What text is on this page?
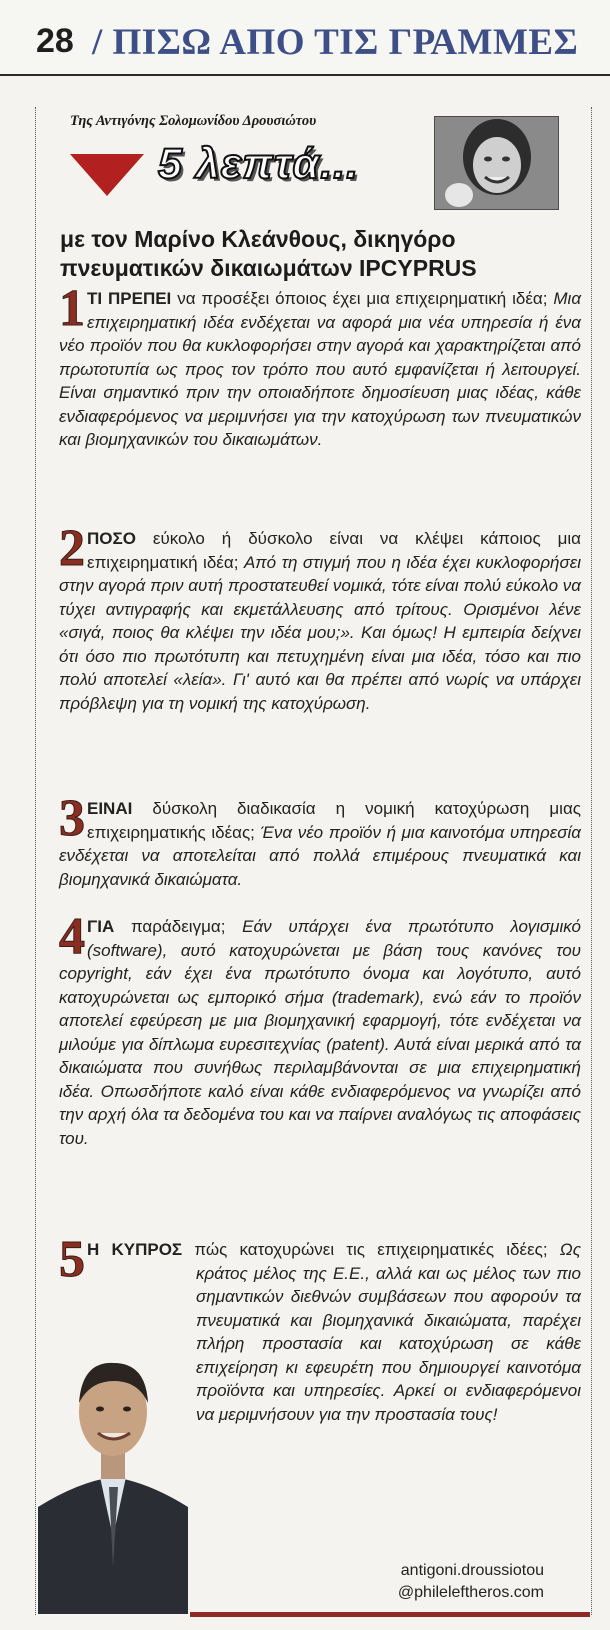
28 / ΠΙΣΩ ΑΠΟ ΤΙΣ ΓΡΑΜΜΕΣ
Της Αντιγόνης Σολομωνίδου Δρουσιώτου
5 λεπτά...
με τον Μαρίνο Κλεάνθους, δικηγόρο πνευματικών δικαιωμάτων IPCYPRUS
1 ΤΙ ΠΡΕΠΕΙ να προσέξει όποιος έχει μια επιχειρηματική ιδέα; Μια επιχειρηματική ιδέα ενδέχεται να αφορά μια νέα υπηρεσία ή ένα νέο προϊόν που θα κυκλοφορήσει στην αγορά και χαρακτηρίζεται από πρωτοτυπία ως προς τον τρόπο που αυτό εμφανίζεται ή λειτουργεί. Είναι σημαντικό πριν την οποιαδήποτε δημοσίευση μιας ιδέας, κάθε ενδιαφερόμενος να μεριμνήσει για την κατοχύρωση των πνευματικών και βιομηχανικών του δικαιωμάτων.
2 ΠΟΣΟ εύκολο ή δύσκολο είναι να κλέψει κάποιος μια επιχειρηματική ιδέα; Από τη στιγμή που η ιδέα έχει κυκλοφορήσει στην αγορά πριν αυτή προστατευθεί νομικά, τότε είναι πολύ εύκολο να τύχει αντιγραφής και εκμετάλλευσης από τρίτους. Ορισμένοι λένε «σιγά, ποιος θα κλέψει την ιδέα μου;». Και όμως! Η εμπειρία δείχνει ότι όσο πιο πρωτότυπη και πετυχημένη είναι μια ιδέα, τόσο και πιο πολύ αποτελεί «λεία». Γι' αυτό και θα πρέπει από νωρίς να υπάρχει πρόβλεψη για τη νομική της κατοχύρωση.
3 ΕΙΝΑΙ δύσκολη διαδικασία η νομική κατοχύρωση μιας επιχειρηματικής ιδέας; Ένα νέο προϊόν ή μια καινοτόμα υπηρεσία ενδέχεται να αποτελείται από πολλά επιμέρους πνευματικά και βιομηχανικά δικαιώματα.
4 ΓΙΑ παράδειγμα; Εάν υπάρχει ένα πρωτότυπο λογισμικό (software), αυτό κατοχυρώνεται με βάση τους κανόνες του copyright, εάν έχει ένα πρωτότυπο όνομα και λογότυπο, αυτό κατοχυρώνεται ως εμπορικό σήμα (trademark), ενώ εάν το προϊόν αποτελεί εφεύρεση με μια βιομηχανική εφαρμογή, τότε ενδέχεται να μιλούμε για δίπλωμα ευρεσιτεχνίας (patent). Αυτά είναι μερικά από τα δικαιώματα που συνήθως περιλαμβάνονται σε μια επιχειρηματική ιδέα. Οπωσδήποτε καλό είναι κάθε ενδιαφερόμενος να γνωρίζει από την αρχή όλα τα δεδομένα του και να παίρνει αναλόγως τις αποφάσεις του.
5 Η ΚΥΠΡΟΣ πώς κατοχυρώνει τις επιχειρηματικές ιδέες; Ως κράτος μέλος της Ε.Ε., αλλά και ως μέλος των πιο σημαντικών διεθνών συμβάσεων που αφορούν τα πνευματικά και βιομηχανικά δικαιώματα, παρέχει πλήρη προστασία και κατοχύρωση σε κάθε επιχείρηση κι εφευρέτη που δημιουργεί καινοτόμα προϊόντα και υπηρεσίες. Αρκεί οι ενδιαφερόμενοι να μεριμνήσουν για την προστασία τους!
antigoni.droussiotou
@phileleftheros.com
